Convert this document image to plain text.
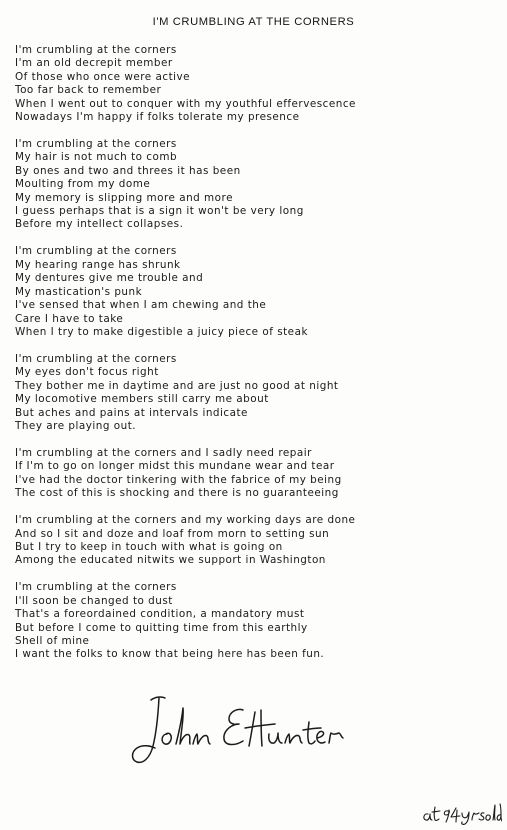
I'M CRUMBLING AT THE CORNERS
I'm crumbling at the corners
I'm an old decrepit member
Of those who once were active
Too far back to remember
When I went out to conquer with my youthful effervescence
Nowadays I'm happy if folks tolerate my presence
I'm crumbling at the corners
My hair is not much to comb
By ones and two and threes it has been
Moulting from my dome
My memory is slipping more and more
I guess perhaps that is a sign it won't be very long
Before my intellect collapses.
I'm crumbling at the corners
My hearing range has shrunk
My dentures give me trouble and
My mastication's punk
I've sensed that when I am chewing and the
Care I have to take
When I try to make digestible a juicy piece of steak
I'm crumbling at the corners
My eyes don't focus right
They bother me in daytime and are just no good at night
My locomotive members still carry me about
But aches and pains at intervals indicate
They are playing out.
I'm crumbling at the corners and I sadly need repair
If I'm to go on longer midst this mundane wear and tear
I've had the doctor tinkering with the fabrice of my being
The cost of this is shocking and there is no guaranteeing
I'm crumbling at the corners and my working days are done
And so I sit and doze and loaf from morn to setting sun
But I try to keep in touch with what is going on
Among the educated nitwits we support in Washington
I'm crumbling at the corners
I'll soon be changed to dust
That's a foreordained condition, a mandatory must
But before I come to quitting time from this earthly
Shell of mine
I want the folks to know that being here has been fun.
